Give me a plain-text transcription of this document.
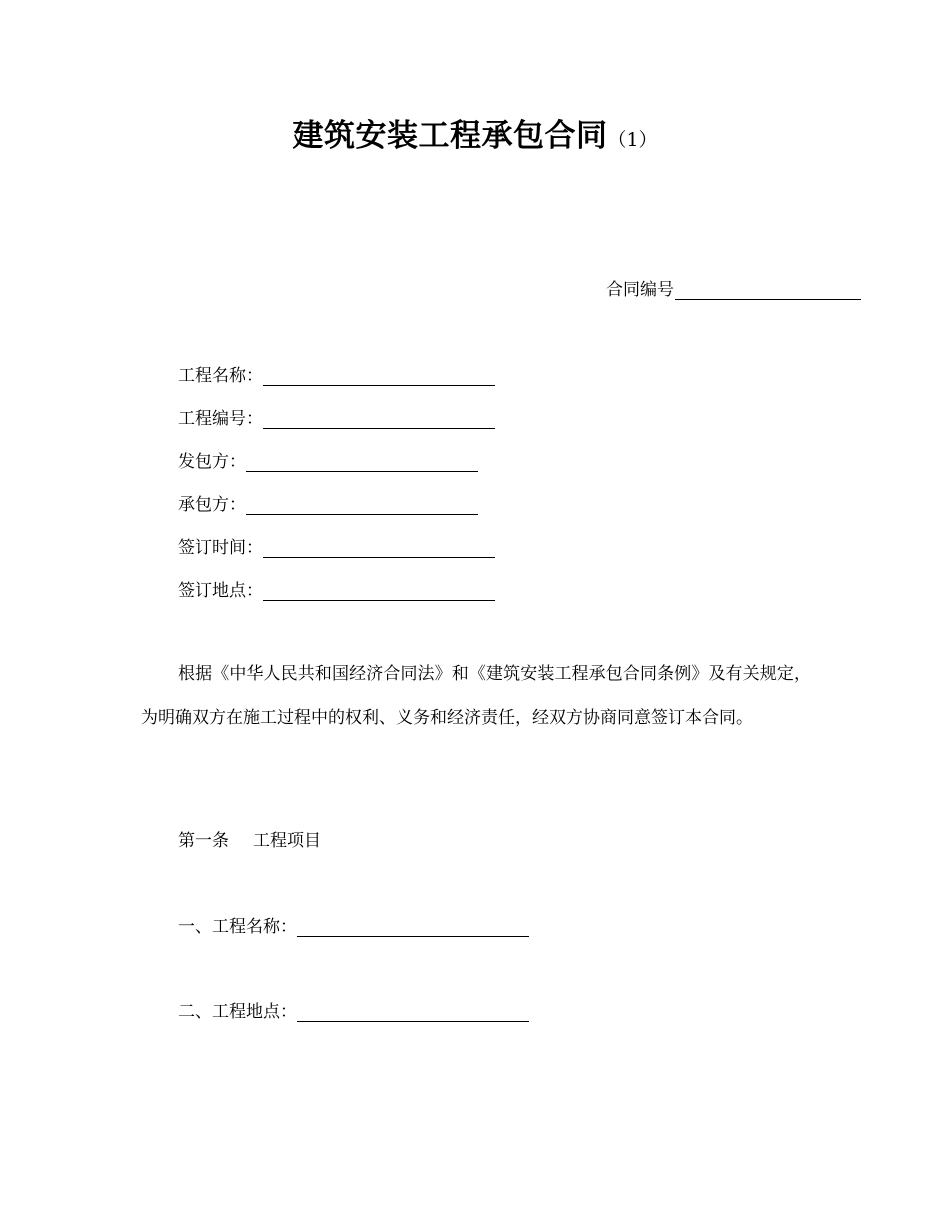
建筑安装工程承包合同（1）
合同编号
工程名称：
工程编号：
发包方：
承包方：
签订时间：
签订地点：
根据《中华人民共和国经济合同法》和《建筑安装工程承包合同条例》及有关规定，为明确双方在施工过程中的权利、义务和经济责任，经双方协商同意签订本合同。
第一条 工程项目
一、工程名称：
二、工程地点：
